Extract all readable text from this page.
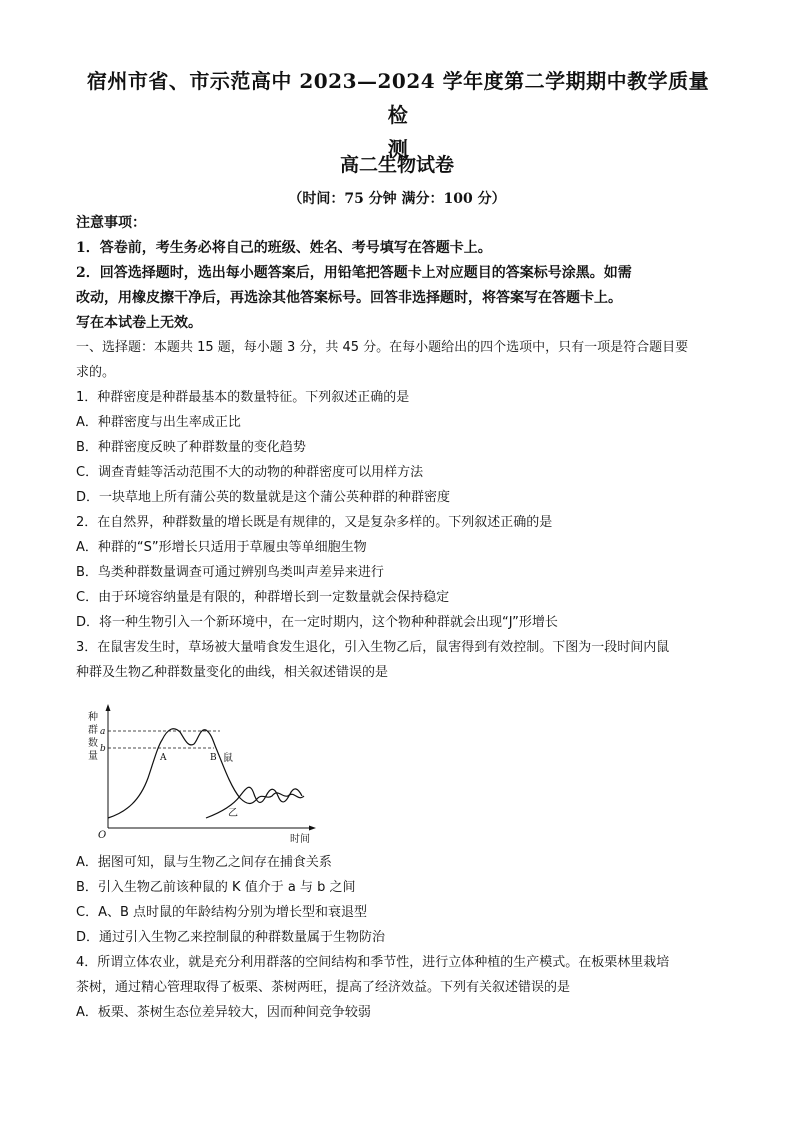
宿州市省、市示范高中 2023—2024 学年度第二学期期中教学质量检
测
高二生物试卷
（时间：75 分钟 满分：100 分）
注意事项：
1．答卷前，考生务必将自己的班级、姓名、考号填写在答题卡上。
2．回答选择题时，选出每小题答案后，用铅笔把答题卡上对应题目的答案标号涂黑。如需
改动，用橡皮擦干净后，再选涂其他答案标号。回答非选择题时，将答案写在答题卡上。
写在本试卷上无效。
一、选择题：本题共 15 题，每小题 3 分，共 45 分。在每小题给出的四个选项中，只有一项是符合题目要
求的。
1．种群密度是种群最基本的数量特征。下列叙述正确的是
A．种群密度与出生率成正比
B．种群密度反映了种群数量的变化趋势
C．调查青蛙等活动范围不大的动物的种群密度可以用样方法
D．一块草地上所有蒲公英的数量就是这个蒲公英种群的种群密度
2．在自然界，种群数量的增长既是有规律的，又是复杂多样的。下列叙述正确的是
A．种群的“S”形增长只适用于草履虫等单细胞生物
B．鸟类种群数量调查可通过辨别鸟类叫声差异来进行
C．由于环境容纳量是有限的，种群增长到一定数量就会保持稳定
D．将一种生物引入一个新环境中，在一定时期内，这个物种种群就会出现“J”形增长
3．在鼠害发生时，草场被大量啃食发生退化，引入生物乙后，鼠害得到有效控制。下图为一段时间内鼠
种群及生物乙种群数量变化的曲线，相关叙述错误的是
种
群
数
量
O	时间
a
b
A	B 鼠
乙
A．据图可知，鼠与生物乙之间存在捕食关系
B．引入生物乙前该种鼠的 K 值介于 a 与 b 之间
C．A、B 点时鼠的年龄结构分别为增长型和衰退型
D．通过引入生物乙来控制鼠的种群数量属于生物防治
4．所谓立体农业，就是充分利用群落的空间结构和季节性，进行立体种植的生产模式。在板栗林里栽培
茶树，通过精心管理取得了板栗、茶树两旺，提高了经济效益。下列有关叙述错误的是
A．板栗、茶树生态位差异较大，因而种间竞争较弱
